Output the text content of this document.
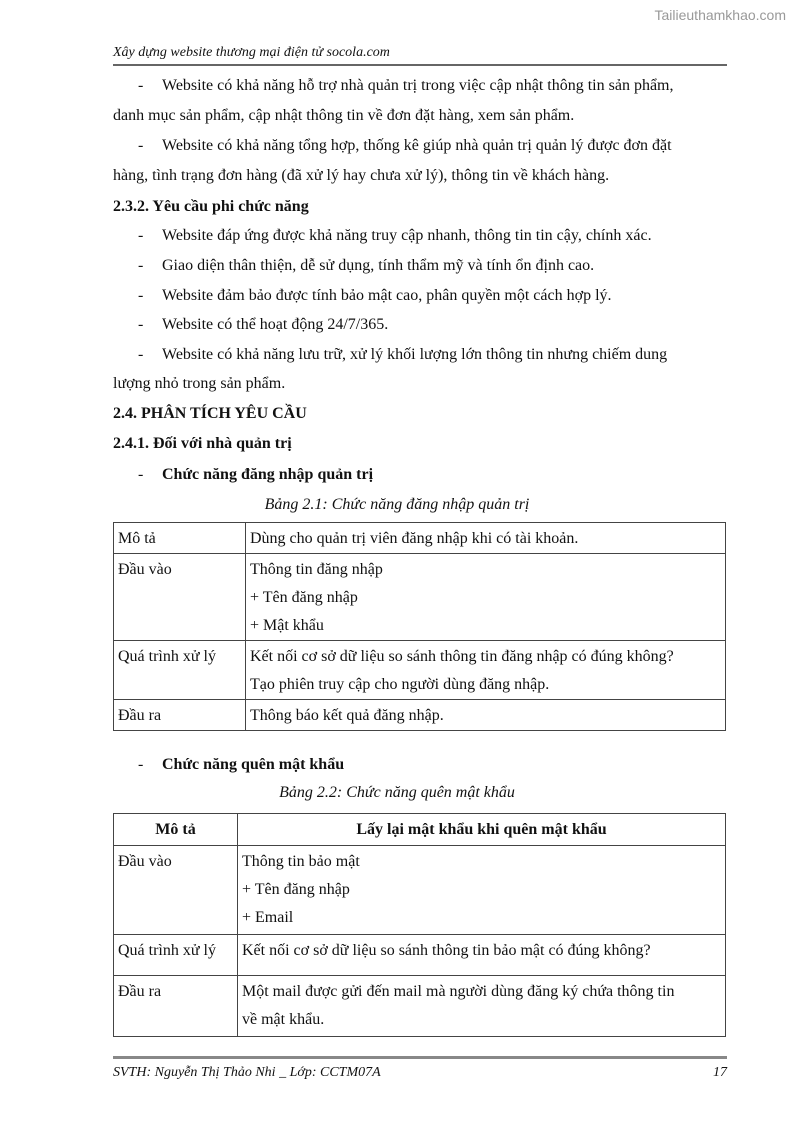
Tailieuthamkhao.com
Xây dựng website thương mại điện tử socola.com
- Website có khả năng hỗ trợ nhà quản trị trong việc cập nhật thông tin sản phẩm,
danh mục sản phẩm, cập nhật thông tin về đơn đặt hàng, xem sản phẩm.
- Website có khả năng tổng hợp, thống kê giúp nhà quản trị quản lý được đơn đặt
hàng, tình trạng đơn hàng (đã xử lý hay chưa xử lý), thông tin về khách hàng.
2.3.2. Yêu cầu phi chức năng
- Website đáp ứng được khả năng truy cập nhanh, thông tin tin cậy, chính xác.
- Giao diện thân thiện, dễ sử dụng, tính thẩm mỹ và tính ổn định cao.
- Website đảm bảo được tính bảo mật cao, phân quyền một cách hợp lý.
- Website có thể hoạt động 24/7/365.
- Website có khả năng lưu trữ, xử lý khối lượng lớn thông tin nhưng chiếm dung
lượng nhỏ trong sản phẩm.
2.4. PHÂN TÍCH YÊU CẦU
2.4.1. Đối với nhà quản trị
- Chức năng đăng nhập quản trị
Bảng 2.1: Chức năng đăng nhập quản trị
Mô tả	Dùng cho quản trị viên đăng nhập khi có tài khoản.

Đầu vào	Thông tin đăng nhập
+ Tên đăng nhập
+ Mật khẩu

Quá trình xử lý	Kết nối cơ sở dữ liệu so sánh thông tin đăng nhập có đúng không?
Tạo phiên truy cập cho người dùng đăng nhập.

Đầu ra	Thông báo kết quả đăng nhập.
- Chức năng quên mật khẩu
Bảng 2.2: Chức năng quên mật khẩu
Mô tả	Lấy lại mật khẩu khi quên mật khẩu
Đầu vào	Thông tin bảo mật
+ Tên đăng nhập
+ Email

Quá trình xử lý	Kết nối cơ sở dữ liệu so sánh thông tin bảo mật có đúng không?

Đầu ra	Một mail được gửi đến mail mà người dùng đăng ký chứa thông tin
về mật khẩu.
SVTH: Nguyễn Thị Thảo Nhi _ Lớp: CCTM07A	17
